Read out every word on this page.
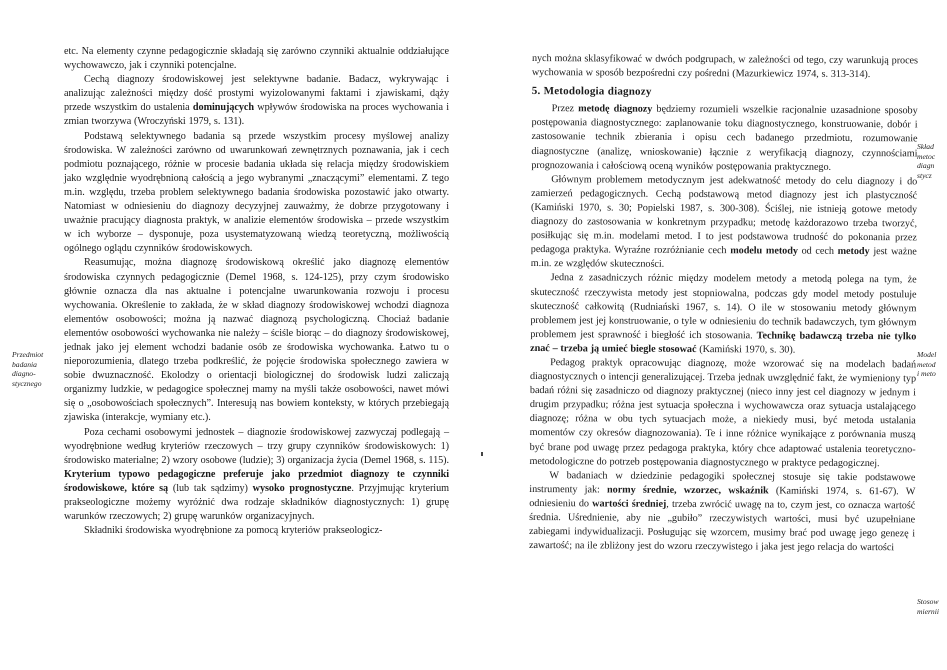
etc. Na elementy czynne pedagogicznie składają się zarówno czynniki aktualnie oddziałujące wychowawczo, jak i czynniki potencjalne.

Cechą diagnozy środowiskowej jest selektywne badanie. Badacz, wykrywając i analizując zależności między dość prostymi wyizolowanymi faktami i zjawiskami, dąży przede wszystkim do ustalenia dominujących wpływów środowiska na proces wychowania i zmian tworzywa (Wroczyński 1979, s. 131).

Podstawą selektywnego badania są przede wszystkim procesy myślowej analizy środowiska. W zależności zarówno od uwarunkowań zewnętrznych poznawania, jak i cech podmiotu poznającego, różnie w procesie badania układa się relacja między środowiskiem jako względnie wyodrębnioną całością a jego wybranymi „znaczącymi” elementami. Z tego m.in. względu, trzeba problem selektywnego badania środowiska pozostawić jako otwarty. Natomiast w odniesieniu do diagnozy decyzyjnej zauważmy, że dobrze przygotowany i uważnie pracujący diagnosta praktyk, w analizie elementów środowiska – przede wszystkim w ich wyborze – dysponuje, poza usystematyzowaną wiedzą teoretyczną, możliwością ogólnego oglądu czynników środowiskowych.

Reasumując, można diagnozę środowiskową określić jako diagnozę elementów środowiska czynnych pedagogicznie (Demel 1968, s. 124-125), przy czym środowisko głównie oznacza dla nas aktualne i potencjalne uwarunkowania rozwoju i procesu wychowania. Określenie to zakłada, że w skład diagnozy środowiskowej wchodzi diagnoza elementów osobowości; można ją nazwać diagnozą psychologiczną. Chociaż badanie elementów osobowości wychowanka nie należy – ściśle biorąc – do diagnozy środowiskowej, jednak jako jej element wchodzi badanie osób ze środowiska wychowanka. Łatwo tu o nieporozumienia, dlatego trzeba podkreślić, że pojęcie środowiska społecznego zawiera w sobie dwuznaczność. Ekolodzy o orientacji biologicznej do środowisk ludzi zaliczają organizmy ludzkie, w pedagogice społecznej mamy na myśli także osobowości, nawet mówi się o „osobowościach społecznych”. Interesują nas bowiem konteksty, w których przebiegają zjawiska (interakcje, wymiany etc.).

Poza cechami osobowymi jednostek – diagnozie środowiskowej zazwyczaj podlegają – wyodrębnione według kryteriów rzeczowych – trzy grupy czynników środowiskowych: 1) środowisko materialne; 2) wzory osobowe (ludzie); 3) organizacja życia (Demel 1968, s. 115). Kryterium typowo pedagogiczne preferuje jako przedmiot diagnozy te czynniki środowiskowe, które są (lub tak sądzimy) wysoko prognostyczne. Przyjmując kryterium prakseologiczne możemy wyróżnić dwa rodzaje składników diagnostycznych: 1) grupę warunków rzeczowych; 2) grupę warunków organizacyjnych.

Składniki środowiska wyodrębnione za pomocą kryteriów prakseologicz-

nych można sklasyfikować w dwóch podgrupach, w zależności od tego, czy warunkują proces wychowania w sposób bezpośredni czy pośredni (Mazurkiewicz 1974, s. 313-314).

5. Metodologia diagnozy

Przez metodę diagnozy będziemy rozumieli wszelkie racjonalnie uzasadnione sposoby postępowania diagnostycznego: zaplanowanie toku diagnostycznego, konstruowanie, dobór i zastosowanie technik zbierania i opisu cech badanego przedmiotu, rozumowanie diagnostyczne (analizę, wnioskowanie) łącznie z weryfikacją diagnozy, czynnościami prognozowania i całościową oceną wyników postępowania praktycznego.

Głównym problemem metodycznym jest adekwatność metody do celu diagnozy i do zamierzeń pedagogicznych. Cechą podstawową metod diagnozy jest ich plastyczność (Kamiński 1970, s. 30; Popielski 1987, s. 300-308). Ściślej, nie istnieją gotowe metody diagnozy do zastosowania w konkretnym przypadku; metodę każdorazowo trzeba tworzyć, posiłkując się m.in. modelami metod. I to jest podstawowa trudność do pokonania przez pedagoga praktyka. Wyraźne rozróżnianie cech modelu metody od cech metody jest ważne m.in. ze względów skuteczności.

Jedna z zasadniczych różnic między modelem metody a metodą polega na tym, że skuteczność rzeczywista metody jest stopniowalna, podczas gdy model metody postuluje skuteczność całkowitą (Rudniański 1967, s. 14). O ile w stosowaniu metody głównym problemem jest jej konstruowanie, o tyle w odniesieniu do technik badawczych, tym głównym problemem jest sprawność i biegłość ich stosowania. Technikę badawczą trzeba nie tylko znać – trzeba ją umieć biegle stosować (Kamiński 1970, s. 30).

Pedagog praktyk opracowując diagnozę, może wzorować się na modelach badań diagnostycznych o intencji generalizującej. Trzeba jednak uwzględnić fakt, że wymieniony typ badań różni się zasadniczo od diagnozy praktycznej (nieco inny jest cel diagnozy w jednym i drugim przypadku; różna jest sytuacja społeczna i wychowawcza oraz sytuacja ustalającego diagnozę; różna w obu tych sytuacjach może, a niekiedy musi, być metoda ustalania momentów czy okresów diagnozowania). Te i inne różnice wynikające z porównania muszą być brane pod uwagę przez pedagoga praktyka, który chce adaptować ustalenia teoretyczno-metodologiczne do potrzeb postępowania diagnostycznego w praktyce pedagogicznej.

W badaniach w dziedzinie pedagogiki społecznej stosuje się takie podstawowe instrumenty jak: normy średnie, wzorzec, wskaźnik (Kamiński 1974, s. 61-67). W odniesieniu do wartości średniej, trzeba zwrócić uwagę na to, czym jest, co oznacza wartość średnia. Uśrednienie, aby nie „gubiło” rzeczywistych wartości, musi być uzupełniane zabiegami indywidualizacji. Posługując się wzorcem, musimy brać pod uwagę jego genezę i zawartość; na ile zbliżony jest do wzoru rzeczywistego i jaka jest jego relacja do wartości

Przedmiot
badania
diagno-
stycznego
Skład
metoc
diagn
stycz
Model
metod
i meto
Stosow
miernii
